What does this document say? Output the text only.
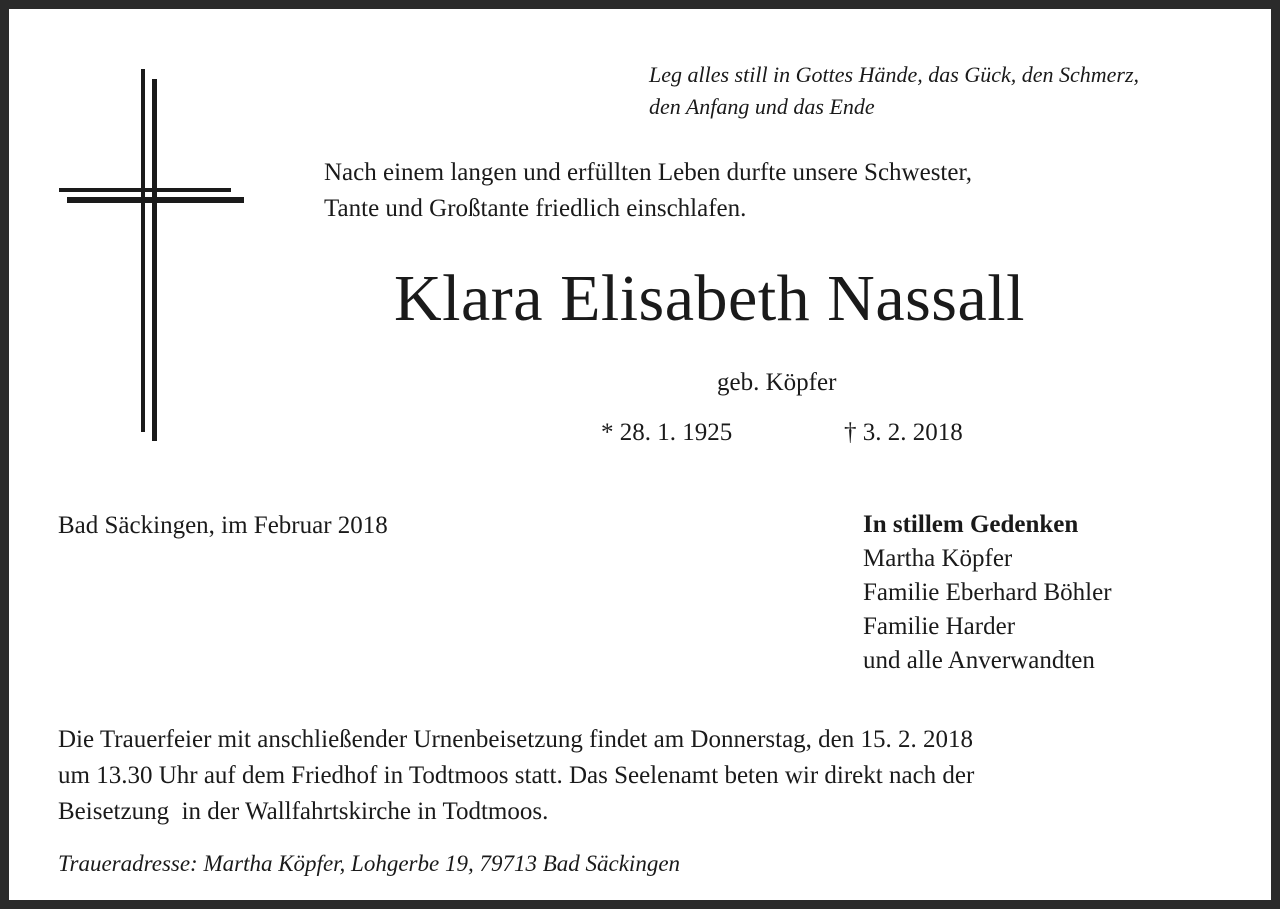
Leg alles still in Gottes Hände, das Gück, den Schmerz,
den Anfang und das Ende
Nach einem langen und erfüllten Leben durfte unsere Schwester,
Tante und Großtante friedlich einschlafen.
Klara Elisabeth Nassall
geb. Köpfer
* 28. 1. 1925	† 3. 2. 2018
Bad Säckingen, im Februar 2018	In stillem Gedenken
Martha Köpfer
Familie Eberhard Böhler
Familie Harder
und alle Anverwandten
Die Trauerfeier mit anschließender Urnenbeisetzung findet am Donnerstag, den 15. 2. 2018
um 13.30 Uhr auf dem Friedhof in Todtmoos statt. Das Seelenamt beten wir direkt nach der
Beisetzung  in der Wallfahrtskirche in Todtmoos.
Traueradresse: Martha Köpfer, Lohgerbe 19, 79713 Bad Säckingen
